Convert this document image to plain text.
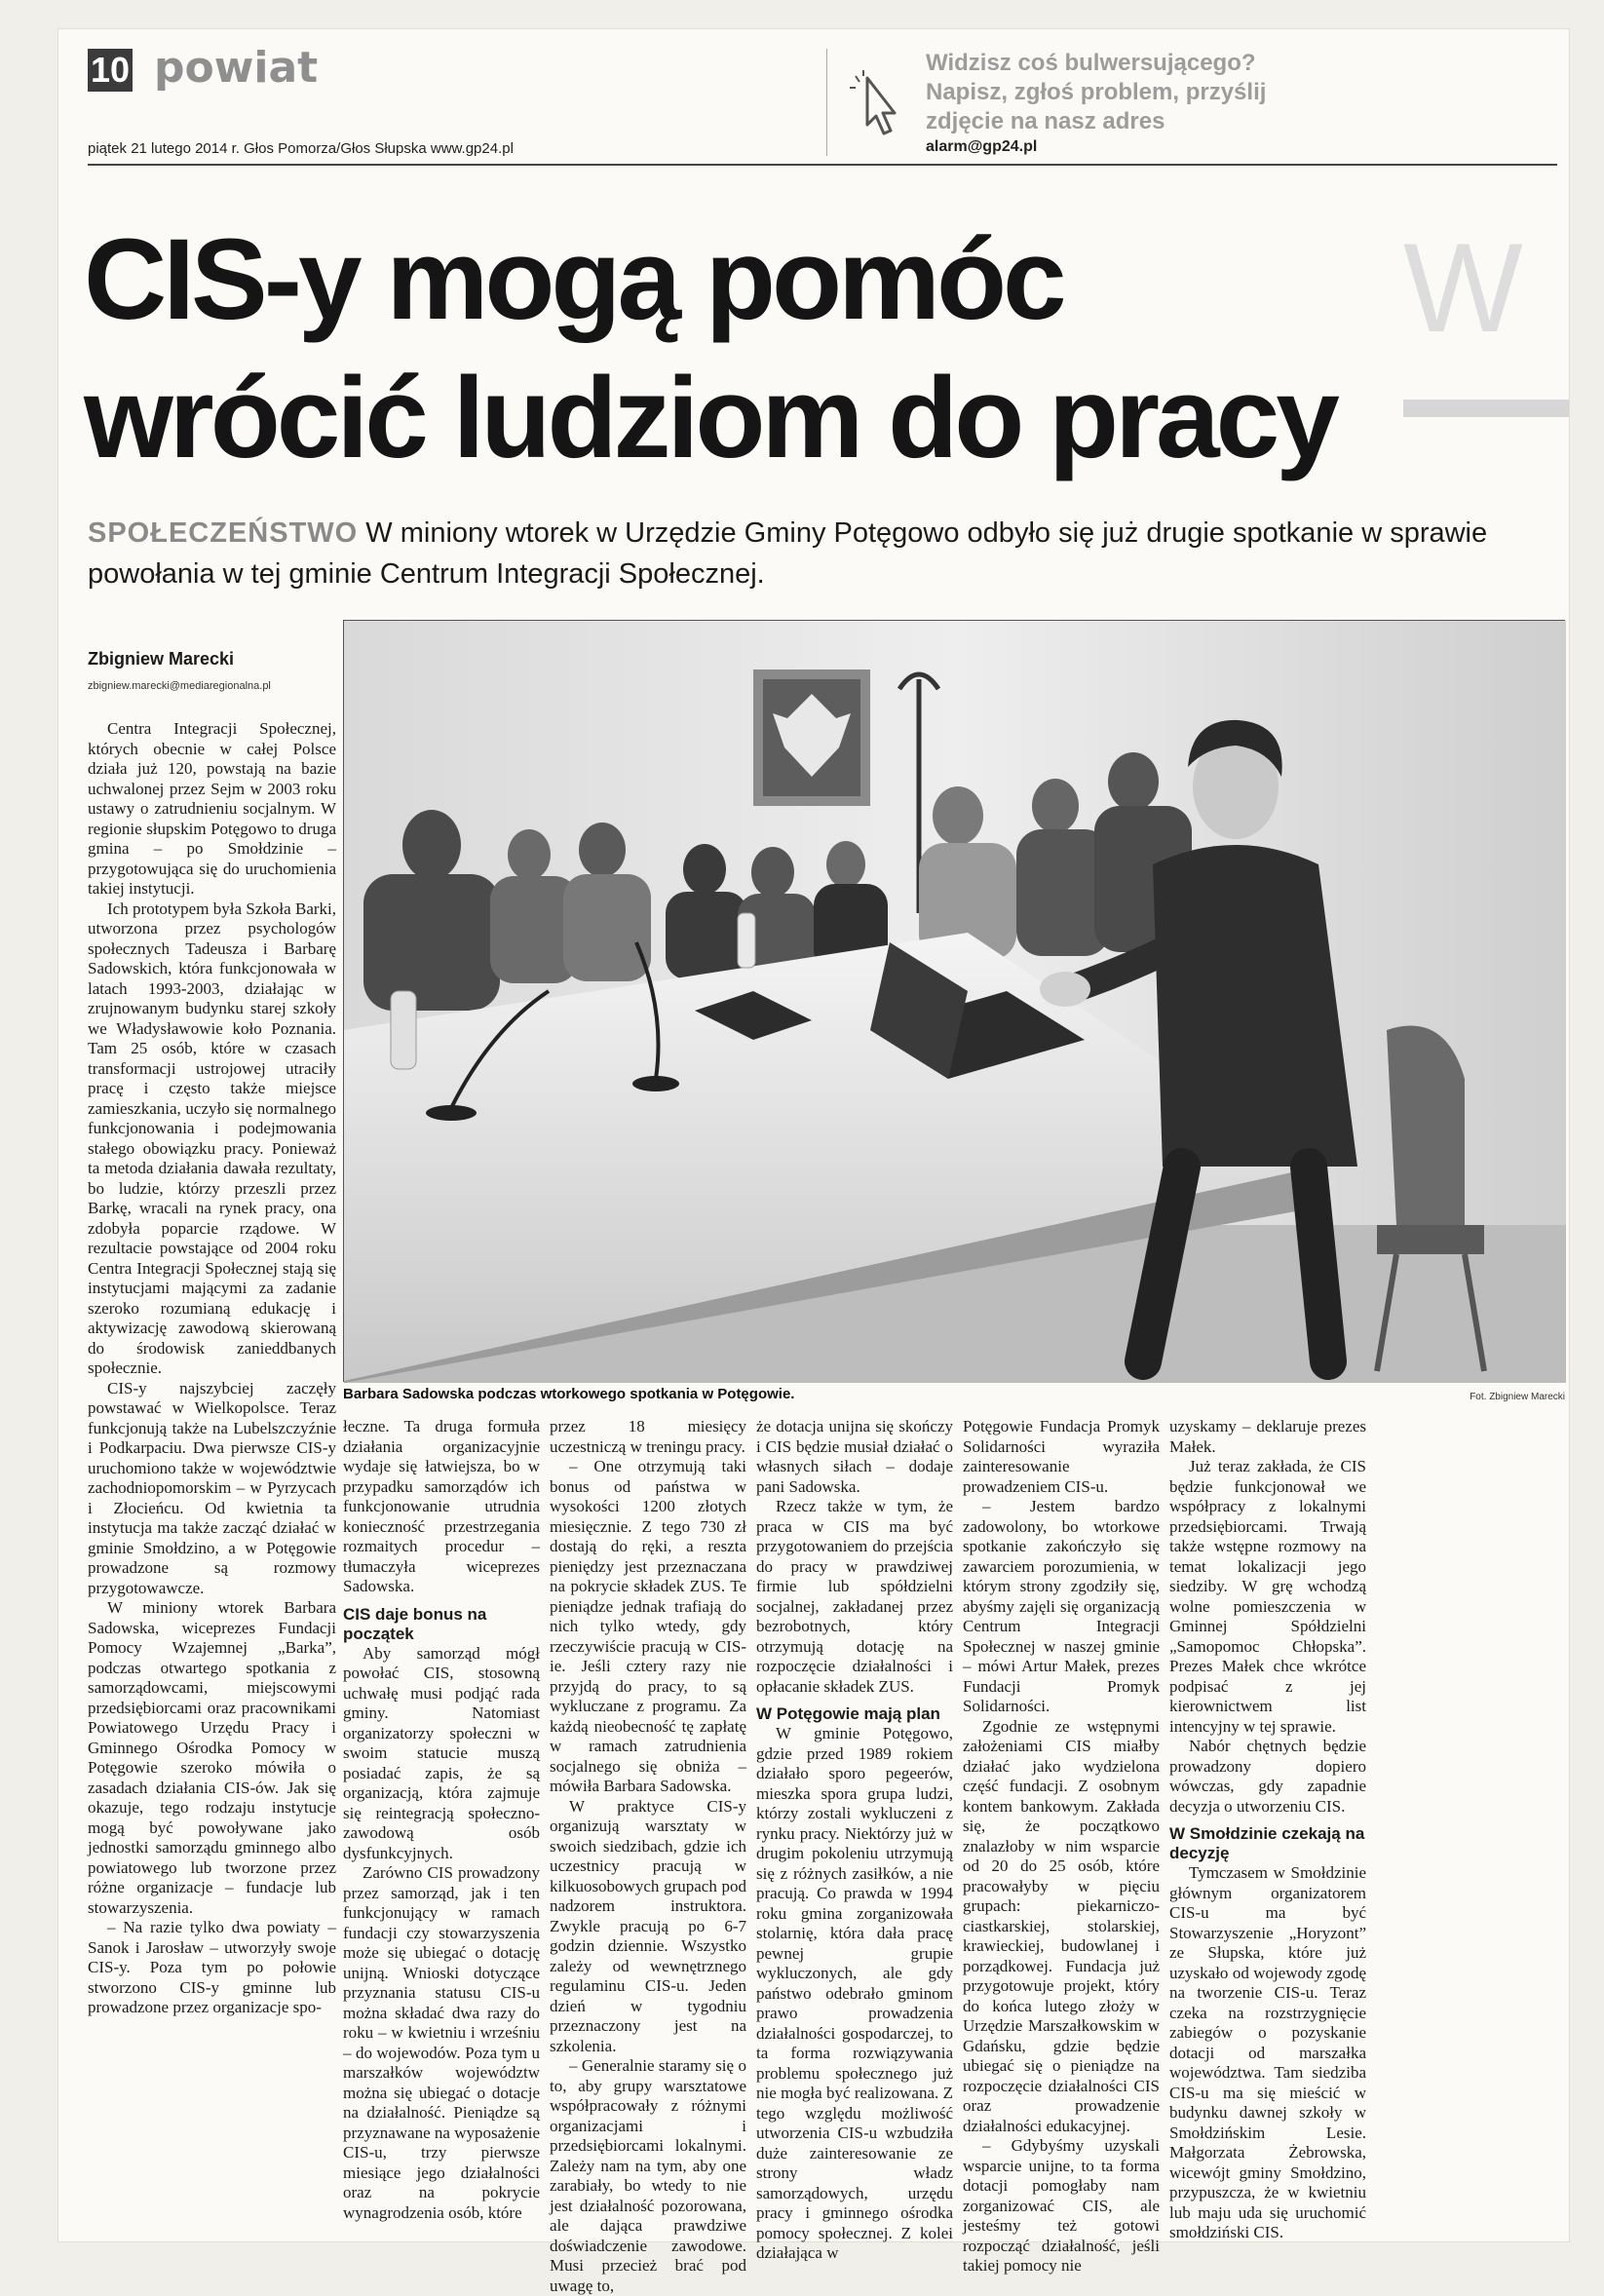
10 powiat
piątek 21 lutego 2014 r. Głos Pomorza/Głos Słupska www.gp24.pl
Widzisz coś bulwersującego? Napisz, zgłoś problem, przyślij zdjęcie na nasz adres
alarm@gp24.pl
W
CIS-y mogą pomóc wrócić ludziom do pracy
SPOŁECZEŃSTWO W miniony wtorek w Urzędzie Gminy Potęgowo odbyło się już drugie spotkanie w sprawie powołania w tej gminie Centrum Integracji Społecznej.
Zbigniew Marecki
zbigniew.marecki@mediaregionalna.pl
Barbara Sadowska podczas wtorkowego spotkania w Potęgowie.	Fot. Zbigniew Marecki

Centra Integracji Społecznej, których obecnie w całej Polsce działa już 120, powstają na bazie uchwalonej przez Sejm w 2003 roku ustawy o zatrudnieniu socjalnym. W regionie słupskim Potęgowo to druga gmina – po Smołdzinie – przygotowująca się do uruchomienia takiej instytucji.

Ich prototypem była Szkoła Barki, utworzona przez psychologów społecznych Tadeusza i Barbarę Sadowskich, która funkcjonowała w latach 1993-2003, działając w zrujnowanym budynku starej szkoły we Władysławowie koło Poznania. Tam 25 osób, które w czasach transformacji ustrojowej utraciły pracę i często także miejsce zamieszkania, uczyło się normalnego funkcjonowania i podejmowania stałego obowiązku pracy. Ponieważ ta metoda działania dawała rezultaty, bo ludzie, którzy przeszli przez Barkę, wracali na rynek pracy, ona zdobyła poparcie rządowe. W rezultacie powstające od 2004 roku Centra Integracji Społecznej stają się instytucjami mającymi za zadanie szeroko rozumianą edukację i aktywizację zawodową skierowaną do środowisk zanieddbanych społecznie.

CIS-y najszybciej zaczęły powstawać w Wielkopolsce. Teraz funkcjonują także na Lubelszczyźnie i Podkarpaciu. Dwa pierwsze CIS-y uruchomiono także w województwie zachodniopomorskim – w Pyrzycach i Złocieńcu. Od kwietnia ta instytucja ma także zacząć działać w gminie Smołdzino, a w Potęgowie prowadzone są rozmowy przygotowawcze.

W miniony wtorek Barbara Sadowska, wiceprezes Fundacji Pomocy Wzajemnej „Barka”, podczas otwartego spotkania z samorządowcami, miejscowymi przedsiębiorcami oraz pracownikami Powiatowego Urzędu Pracy i Gminnego Ośrodka Pomocy w Potęgowie szeroko mówiła o zasadach działania CIS-ów. Jak się okazuje, tego rodzaju instytucje mogą być powoływane jako jednostki samorządu gminnego albo powiatowego lub tworzone przez różne organizacje – fundacje lub stowarzyszenia.

– Na razie tylko dwa powiaty – Sanok i Jarosław – utworzyły swoje CIS-y. Poza tym po połowie stworzono CIS-y gminne lub prowadzone przez organizacje spo-

łeczne. Ta druga formuła działania organizacyjnie wydaje się łatwiejsza, bo w przypadku samorządów ich funkcjonowanie utrudnia konieczność przestrzegania rozmaitych procedur – tłumaczyła wiceprezes Sadowska.

CIS daje bonus na początek

Aby samorząd mógł powołać CIS, stosowną uchwałę musi podjąć rada gminy. Natomiast organizatorzy społeczni w swoim statucie muszą posiadać zapis, że są organizacją, która zajmuje się reintegracją społeczno-zawodową osób dysfunkcyjnych.

Zarówno CIS prowadzony przez samorząd, jak i ten funkcjonujący w ramach fundacji czy stowarzyszenia może się ubiegać o dotację unijną. Wnioski dotyczące przyznania statusu CIS-u można składać dwa razy do roku – w kwietniu i wrześniu – do wojewodów. Poza tym u marszałków województw można się ubiegać o dotacje na działalność. Pieniądze są przyznawane na wyposażenie CIS-u, trzy pierwsze miesiące jego działalności oraz na pokrycie wynagrodzenia osób, które

przez 18 miesięcy uczestniczą w treningu pracy.

– One otrzymują taki bonus od państwa w wysokości 1200 złotych miesięcznie. Z tego 730 zł dostają do ręki, a reszta pieniędzy jest przeznaczana na pokrycie składek ZUS. Te pieniądze jednak trafiają do nich tylko wtedy, gdy rzeczywiście pracują w CIS-ie. Jeśli cztery razy nie przyjdą do pracy, to są wykluczane z programu. Za każdą nieobecność tę zapłatę w ramach zatrudnienia socjalnego się obniża – mówiła Barbara Sadowska.

W praktyce CIS-y organizują warsztaty w swoich siedzibach, gdzie ich uczestnicy pracują w kilkuosobowych grupach pod nadzorem instruktora. Zwykle pracują po 6-7 godzin dziennie. Wszystko zależy od wewnętrznego regulaminu CIS-u. Jeden dzień w tygodniu przeznaczony jest na szkolenia.

– Generalnie staramy się o to, aby grupy warsztatowe współpracowały z różnymi organizacjami i przedsiębiorcami lokalnymi. Zależy nam na tym, aby one zarabiały, bo wtedy to nie jest działalność pozorowana, ale dająca prawdziwe doświadczenie zawodowe. Musi przecież brać pod uwagę to,

że dotacja unijna się skończy i CIS będzie musiał działać o własnych siłach – dodaje pani Sadowska.

Rzecz także w tym, że praca w CIS ma być przygotowaniem do przejścia do pracy w prawdziwej firmie lub spółdzielni socjalnej, zakładanej przez bezrobotnych, który otrzymują dotację na rozpoczęcie działalności i opłacanie składek ZUS.

W Potęgowie mają plan

W gminie Potęgowo, gdzie przed 1989 rokiem działało sporo pegeerów, mieszka spora grupa ludzi, którzy zostali wykluczeni z rynku pracy. Niektórzy już w drugim pokoleniu utrzymują się z różnych zasiłków, a nie pracują. Co prawda w 1994 roku gmina zorganizowała stolarnię, która dała pracę pewnej grupie wykluczonych, ale gdy państwo odebrało gminom prawo prowadzenia działalności gospodarczej, to ta forma rozwiązywania problemu społecznego już nie mogła być realizowana. Z tego względu możliwość utworzenia CIS-u wzbudziła duże zainteresowanie ze strony władz samorządowych, urzędu pracy i gminnego ośrodka pomocy społecznej. Z kolei działająca w

Potęgowie Fundacja Promyk Solidarności wyraziła zainteresowanie prowadzeniem CIS-u.

– Jestem bardzo zadowolony, bo wtorkowe spotkanie zakończyło się zawarciem porozumienia, w którym strony zgodziły się, abyśmy zajęli się organizacją Centrum Integracji Społecznej w naszej gminie – mówi Artur Małek, prezes Fundacji Promyk Solidarności.

Zgodnie ze wstępnymi założeniami CIS miałby działać jako wydzielona część fundacji. Z osobnym kontem bankowym. Zakłada się, że początkowo znalazłoby w nim wsparcie od 20 do 25 osób, które pracowałyby w pięciu grupach: piekarniczo-ciastkarskiej, stolarskiej, krawieckiej, budowlanej i porządkowej. Fundacja już przygotowuje projekt, który do końca lutego złoży w Urzędzie Marszałkowskim w Gdańsku, gdzie będzie ubiegać się o pieniądze na rozpoczęcie działalności CIS oraz prowadzenie działalności edukacyjnej.

– Gdybyśmy uzyskali wsparcie unijne, to ta forma dotacji pomogłaby nam zorganizować CIS, ale jesteśmy też gotowi rozpocząć działalność, jeśli takiej pomocy nie

uzyskamy – deklaruje prezes Małek.

Już teraz zakłada, że CIS będzie funkcjonował we współpracy z lokalnymi przedsiębiorcami. Trwają także wstępne rozmowy na temat lokalizacji jego siedziby. W grę wchodzą wolne pomieszczenia w Gminnej Spółdzielni „Samopomoc Chłopska”. Prezes Małek chce wkrótce podpisać z jej kierownictwem list intencyjny w tej sprawie.

Nabór chętnych będzie prowadzony dopiero wówczas, gdy zapadnie decyzja o utworzeniu CIS.

W Smołdzinie czekają na decyzję

Tymczasem w Smołdzinie głównym organizatorem CIS-u ma być Stowarzyszenie „Horyzont” ze Słupska, które już uzyskało od wojewody zgodę na tworzenie CIS-u. Teraz czeka na rozstrzygnięcie zabiegów o pozyskanie dotacji od marszałka województwa. Tam siedziba CIS-u ma się mieścić w budynku dawnej szkoły w Smołdzińskim Lesie. Małgorzata Żebrowska, wicewójt gminy Smołdzino, przypuszcza, że w kwietniu lub maju uda się uruchomić smołdziński CIS.
